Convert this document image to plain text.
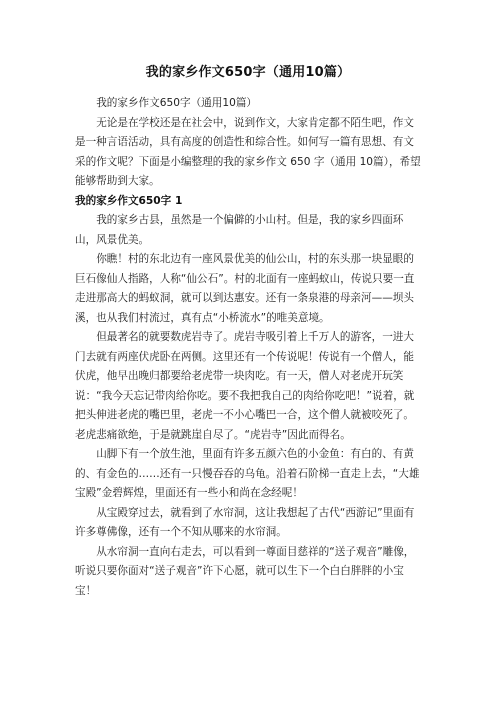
我的家乡作文650字（通用10篇）

我的家乡作文650字（通用10篇）

无论是在学校还是在社会中，说到作文，大家肯定都不陌生吧，作文是一种言语活动，具有高度的创造性和综合性。如何写一篇有思想、有文采的作文呢？下面是小编整理的我的家乡作文 650 字（通用 10篇），希望能够帮助到大家。

我的家乡作文650字 1

我的家乡古县，虽然是一个偏僻的小山村。但是，我的家乡四面环山，风景优美。

你瞧！村的东北边有一座风景优美的仙公山，村的东头那一块显眼的巨石像仙人指路，人称“仙公石”。村的北面有一座蚂蚁山，传说只要一直走进那高大的蚂蚁洞，就可以到达惠安。还有一条泉港的母亲河——坝头溪，也从我们村流过，真有点“小桥流水”的唯美意境。

但最著名的就要数虎岩寺了。虎岩寺吸引着上千万人的游客，一进大门去就有两座伏虎卧在两侧。这里还有一个传说呢！传说有一个僧人，能伏虎，他早出晚归都要给老虎带一块肉吃。有一天，僧人对老虎开玩笑说：“我今天忘记带肉给你吃。要不我把我自己的肉给你吃吧！”说着，就把头伸进老虎的嘴巴里，老虎一不小心嘴巴一合，这个僧人就被咬死了。老虎悲痛欲绝，于是就跳崖自尽了。“虎岩寺”因此而得名。

山脚下有一个放生池，里面有许多五颜六色的小金鱼：有白的、有黄的、有金色的……还有一只慢吞吞的乌龟。沿着石阶梯一直走上去，“大雄宝殿”金碧辉煌，里面还有一些小和尚在念经呢！

从宝殿穿过去，就看到了水帘洞，这让我想起了古代“西游记”里面有许多尊佛像，还有一个不知从哪来的水帘洞。

从水帘洞一直向右走去，可以看到一尊面目慈祥的“送子观音”雕像，听说只要你面对“送子观音”许下心愿，就可以生下一个白白胖胖的小宝宝！
